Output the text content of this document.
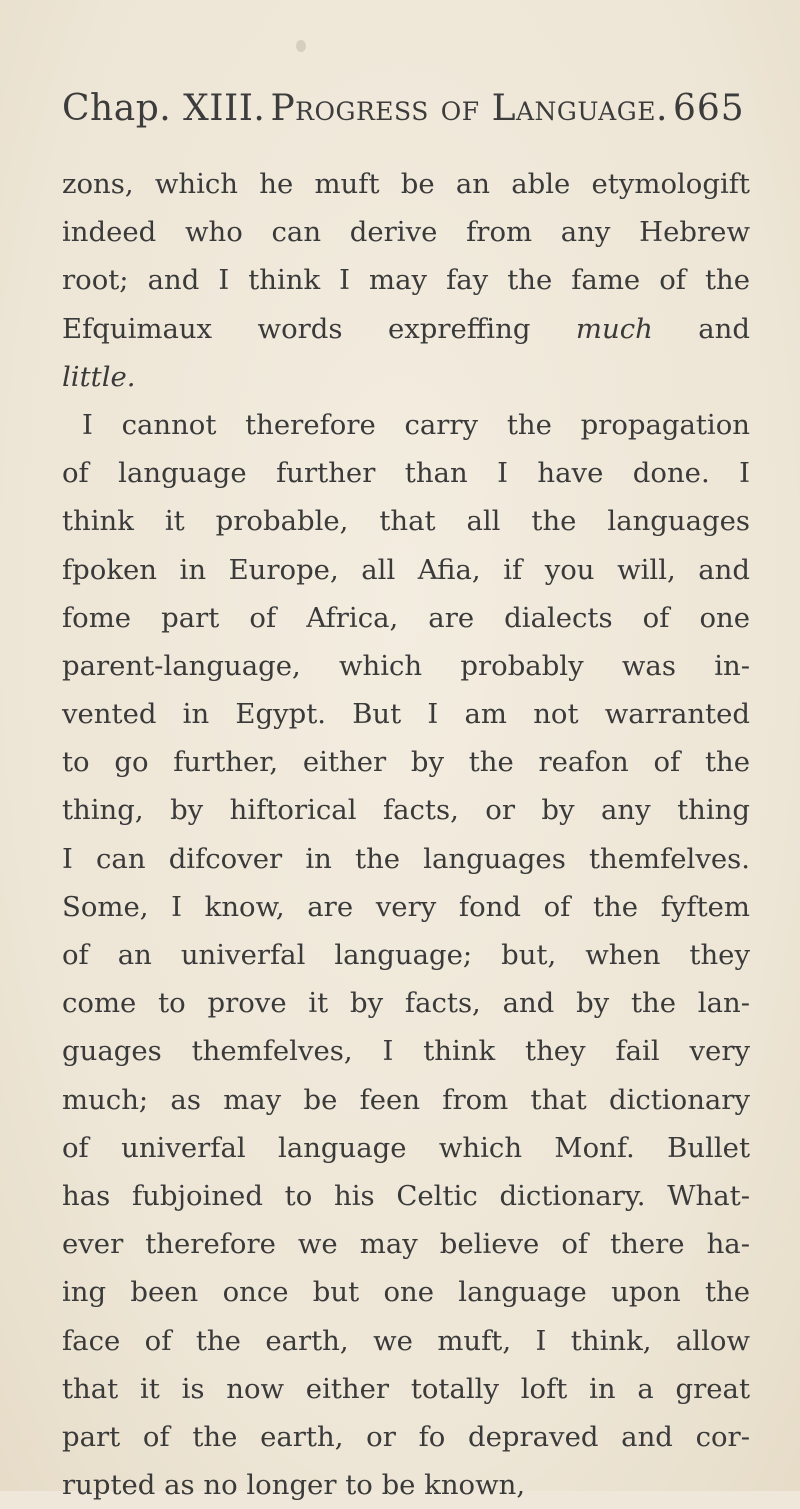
Chap. XIII. Progress of Language. 665
zons, which he muft be an able etymologift
indeed who can derive from any Hebrew
root; and I think I may fay the fame of the
Efquimaux words expreffing much and
little.
I cannot therefore carry the propagation
of language further than I have done. I
think it probable, that all the languages
fpoken in Europe, all Afia, if you will, and
fome part of Africa, are dialects of one
parent-language, which probably was in-
vented in Egypt. But I am not warranted
to go further, either by the reafon of the
thing, by hiftorical facts, or by any thing
I can difcover in the languages themfelves.
Some, I know, are very fond of the fyftem
of an univerfal language; but, when they
come to prove it by facts, and by the lan-
guages themfelves, I think they fail very
much; as may be feen from that dictionary
of univerfal language which Monf. Bullet
has fubjoined to his Celtic dictionary. What-
ever therefore we may believe of there ha-
ing been once but one language upon the
face of the earth, we muft, I think, allow
that it is now either totally loft in a great
part of the earth, or fo depraved and cor-
rupted as no longer to be known,
